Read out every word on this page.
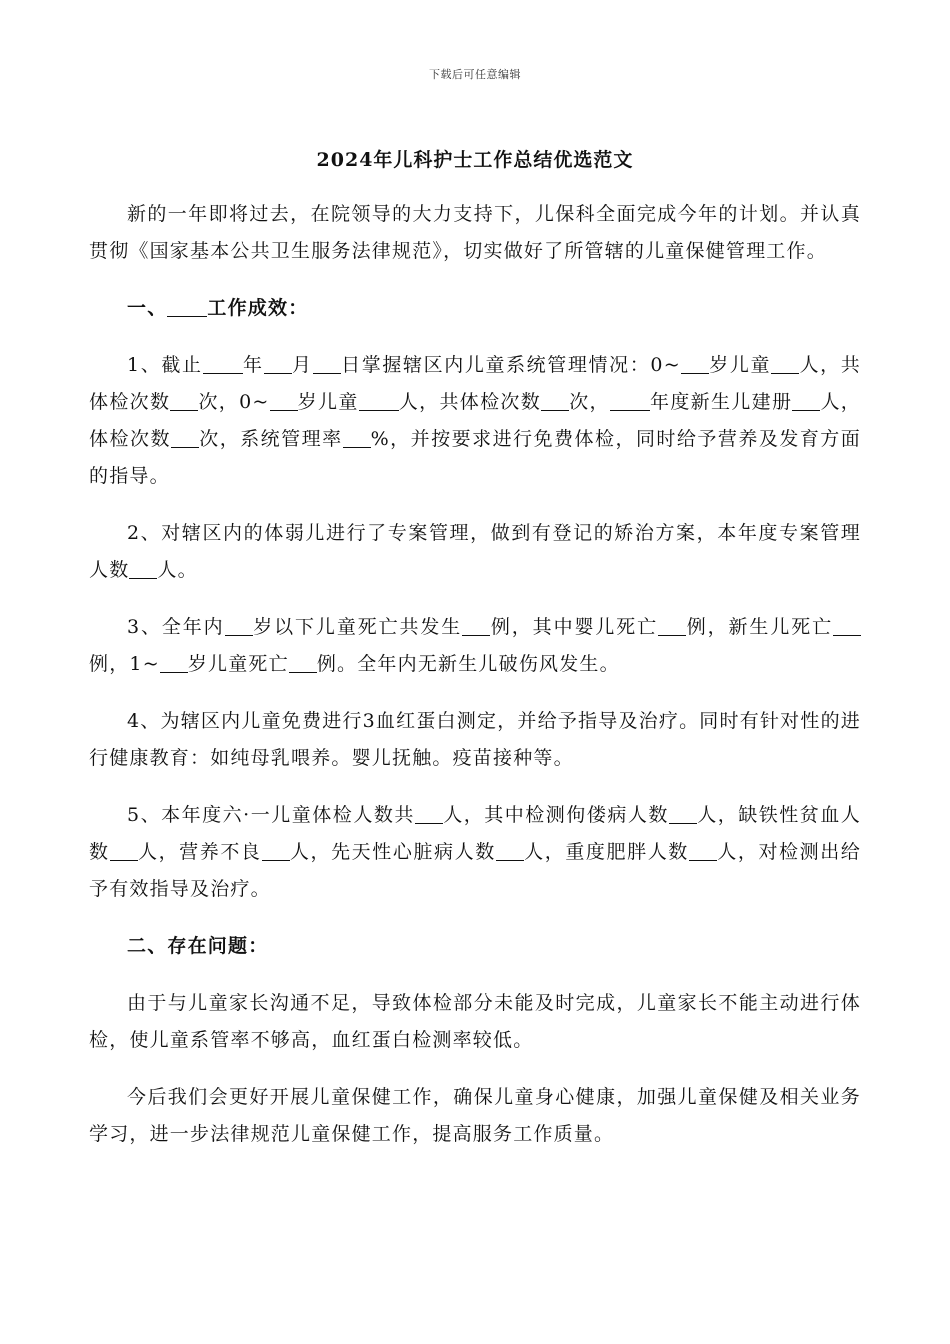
下载后可任意编辑
2024年儿科护士工作总结优选范文

新的一年即将过去，在院领导的大力支持下，儿保科全面完成今年的计划。并认真贯彻《国家基本公共卫生服务法律规范》，切实做好了所管辖的儿童保健管理工作。

一、 工作成效：

1、截止 年 月 日掌握辖区内儿童系统管理情况：0~ 岁儿童 人，共体检次数 次，0~ 岁儿童 人，共体检次数 次， 年度新生儿建册 人，体检次数 次，系统管理率 %，并按要求进行免费体检，同时给予营养及发育方面的指导。

2、对辖区内的体弱儿进行了专案管理，做到有登记的矫治方案，本年度专案管理人数 人。

3、全年内 岁以下儿童死亡共发生 例，其中婴儿死亡 例，新生儿死亡例，1~ 岁儿童死亡 例。全年内无新生儿破伤风发生。

4、为辖区内儿童免费进行3血红蛋白测定，并给予指导及治疗。同时有针对性的进行健康教育：如纯母乳喂养。婴儿抚触。疫苗接种等。

5、本年度六·一儿童体检人数共 人，其中检测佝偻病人数 人，缺铁性贫血人数 人，营养不良 人，先天性心脏病人数 人，重度肥胖人数 人，对检测出给予有效指导及治疗。

二、存在问题：

由于与儿童家长沟通不足，导致体检部分未能及时完成，儿童家长不能主动进行体检，使儿童系管率不够高，血红蛋白检测率较低。

今后我们会更好开展儿童保健工作，确保儿童身心健康，加强儿童保健及相关业务学习，进一步法律规范儿童保健工作，提高服务工作质量。
